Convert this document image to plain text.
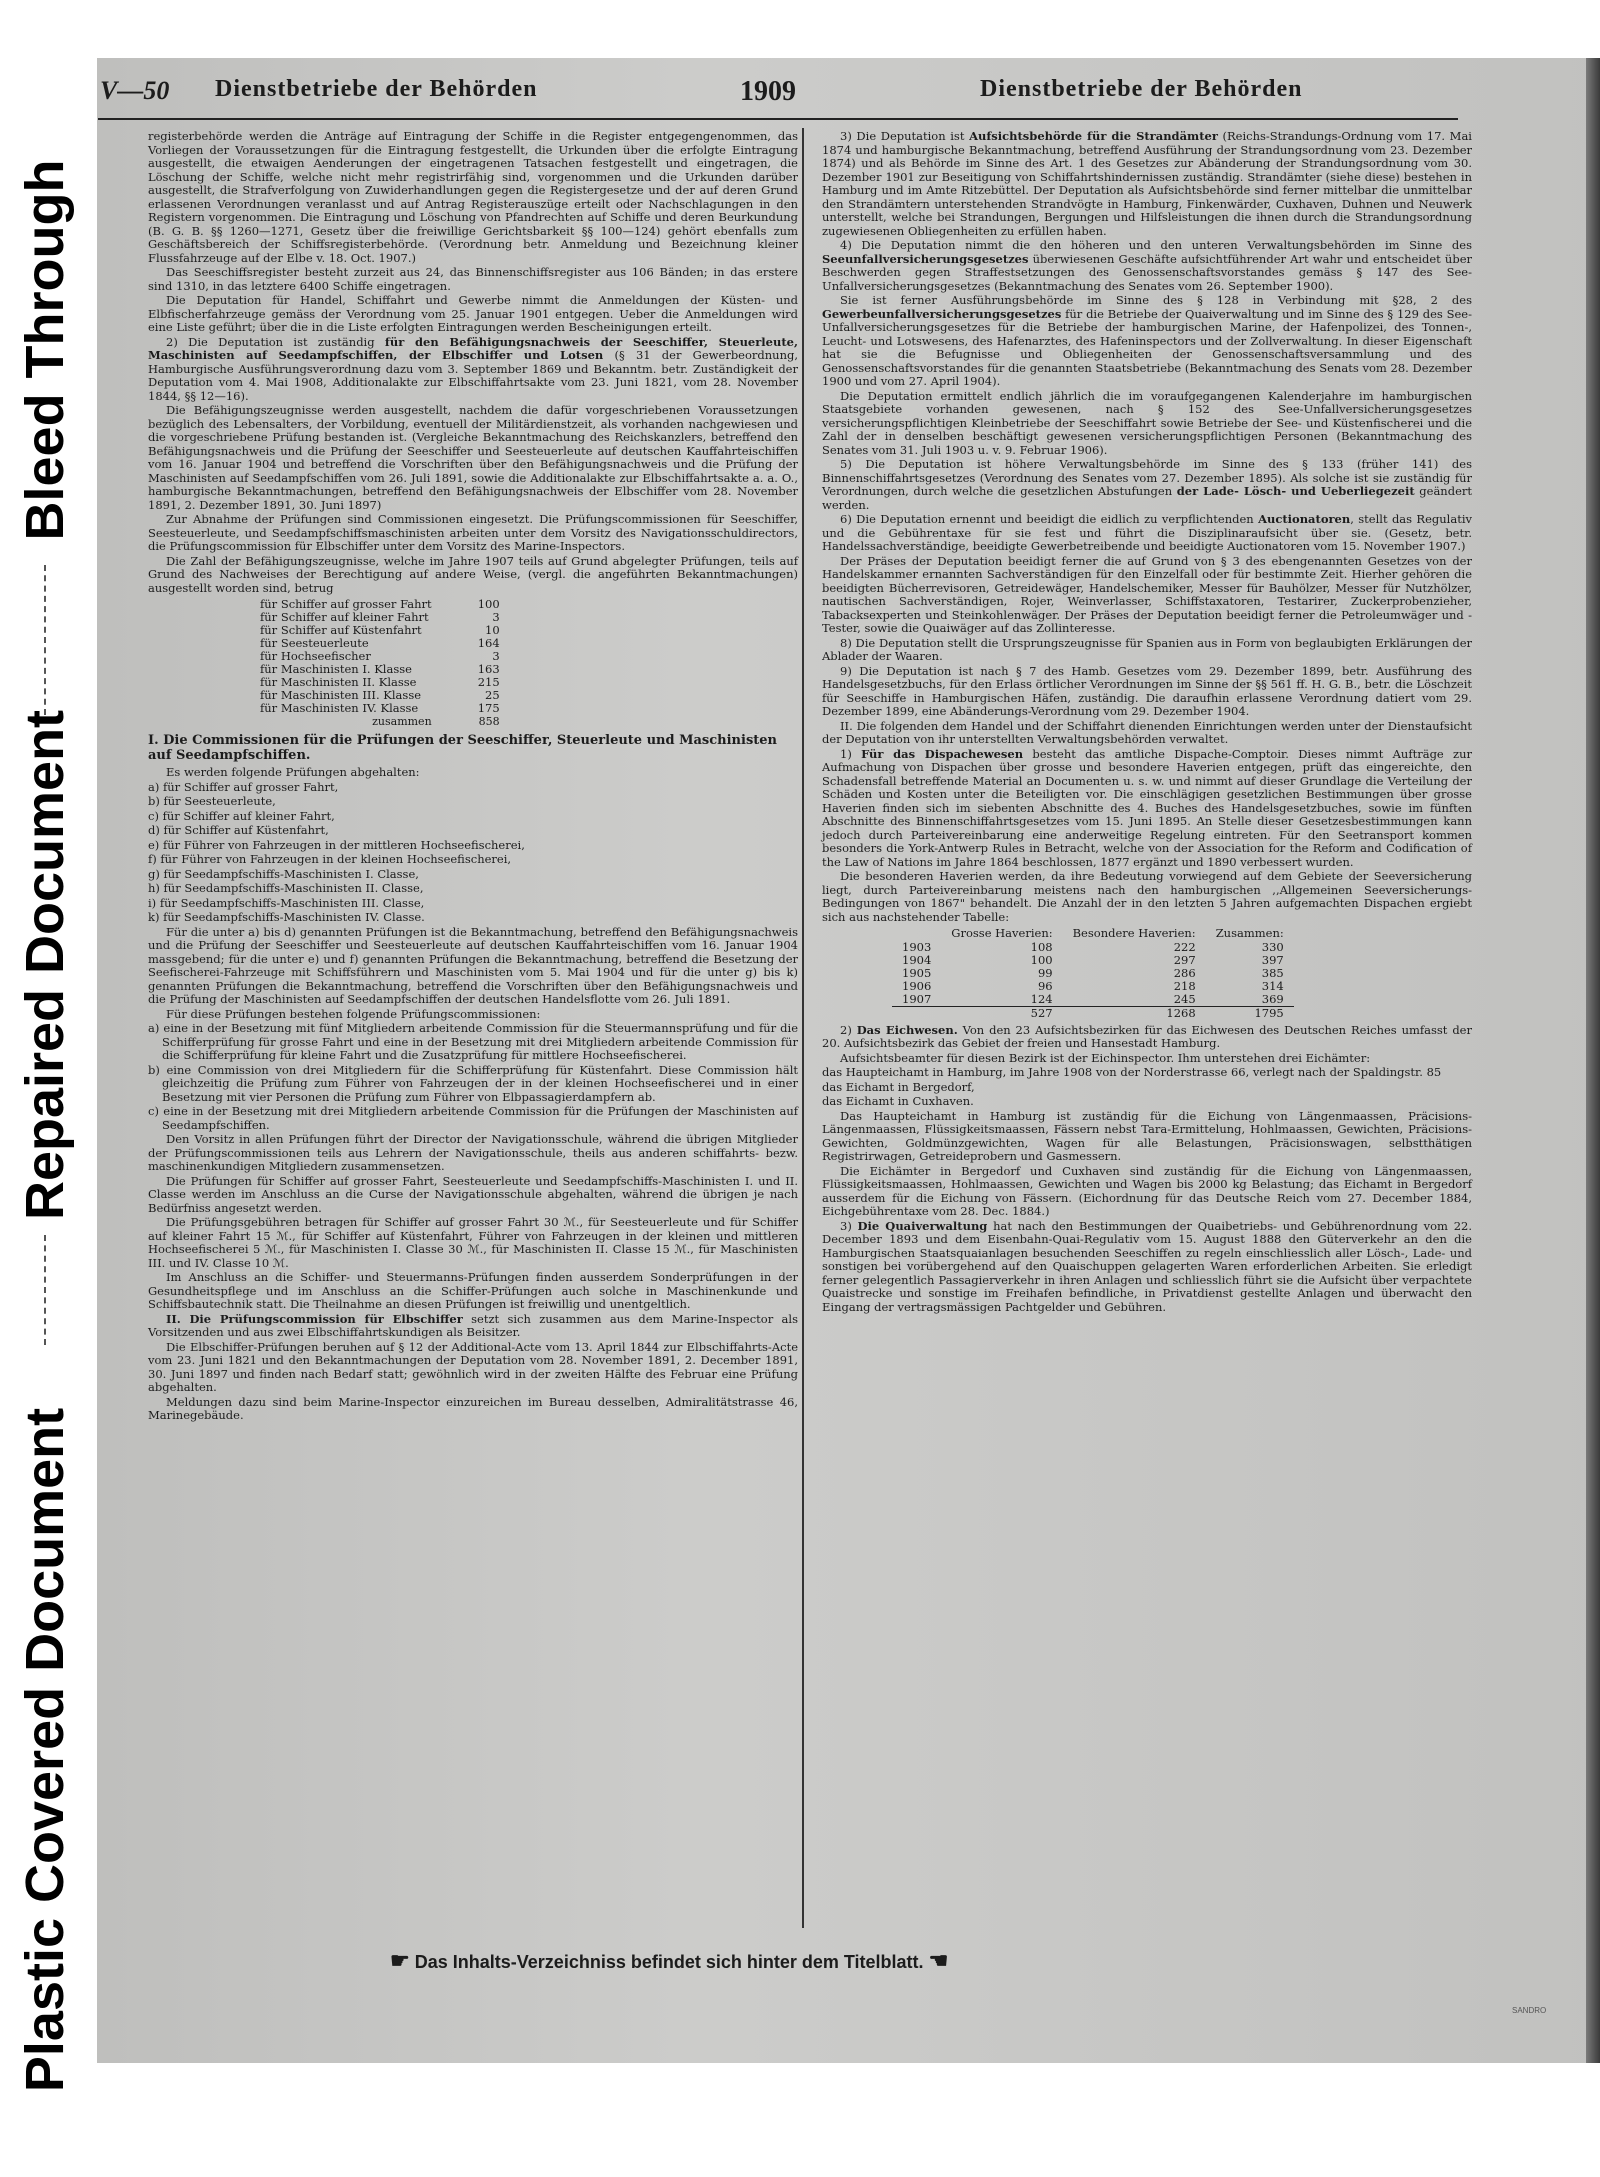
Bleed Through
Repaired Document
Plastic Covered Document
V—50 Dienstbetriebe der Behörden	1909	Dienstbetriebe der Behörden

registerbehörde werden die Anträge auf Eintragung der Schiffe in die Register entgegengenommen, das Vorliegen der Voraussetzungen für die Eintragung festgestellt, die Urkunden über die erfolgte Eintragung ausgestellt, die etwaigen Aenderungen der eingetragenen Tatsachen festgestellt und eingetragen, die Löschung der Schiffe, welche nicht mehr registrirfähig sind, vorgenommen und die Urkunden darüber ausgestellt, die Strafverfolgung von Zuwiderhandlungen gegen die Registergesetze und der auf deren Grund erlassenen Verordnungen veranlasst und auf Antrag Registerauszüge erteilt oder Nachschlagungen in den Registern vorgenommen. Die Eintragung und Löschung von Pfandrechten auf Schiffe und deren Beurkundung (B. G. B. §§ 1260—1271, Gesetz über die freiwillige Gerichtsbarkeit §§ 100—124) gehört ebenfalls zum Geschäftsbereich der Schiffsregisterbehörde. (Verordnung betr. Anmeldung und Bezeichnung kleiner Flussfahrzeuge auf der Elbe v. 18. Oct. 1907.)

Das Seeschiffsregister besteht zurzeit aus 24, das Binnenschiffsregister aus 106 Bänden; in das erstere sind 1310, in das letztere 6400 Schiffe eingetragen.

Die Deputation für Handel, Schiffahrt und Gewerbe nimmt die Anmeldungen der Küsten- und Elbfischerfahrzeuge gemäss der Verordnung vom 25. Januar 1901 entgegen. Ueber die Anmeldungen wird eine Liste geführt; über die in die Liste erfolgten Eintragungen werden Bescheinigungen erteilt.

2) Die Deputation ist zuständig für den Befähigungsnachweis der Seeschiffer, Steuerleute, Maschinisten auf Seedampfschiffen, der Elbschiffer und Lotsen (§ 31 der Gewerbeordnung, Hamburgische Ausführungsverordnung dazu vom 3. September 1869 und Bekanntm. betr. Zuständigkeit der Deputation vom 4. Mai 1908, Additionalakte zur Elbschiffahrtsakte vom 23. Juni 1821, vom 28. November 1844, §§ 12—16).

Die Befähigungszeugnisse werden ausgestellt, nachdem die dafür vorgeschriebenen Voraussetzungen bezüglich des Lebensalters, der Vorbildung, eventuell der Militärdienstzeit, als vorhanden nachgewiesen und die vorgeschriebene Prüfung bestanden ist. (Vergleiche Bekanntmachung des Reichskanzlers, betreffend den Befähigungsnachweis und die Prüfung der Seeschiffer und Seesteuerleute auf deutschen Kauffahrteischiffen vom 16. Januar 1904 und betreffend die Vorschriften über den Befähigungsnachweis und die Prüfung der Maschinisten auf Seedampfschiffen vom 26. Juli 1891, sowie die Additionalakte zur Elbschiffahrtsakte a. a. O., hamburgische Bekanntmachungen, betreffend den Befähigungsnachweis der Elbschiffer vom 28. November 1891, 2. Dezember 1891, 30. Juni 1897)

Zur Abnahme der Prüfungen sind Commissionen eingesetzt. Die Prüfungscommissionen für Seeschiffer, Seesteuerleute, und Seedampfschiffsmaschinisten arbeiten unter dem Vorsitz des Navigationsschuldirectors, die Prüfungscommission für Elbschiffer unter dem Vorsitz des Marine-Inspectors.

Die Zahl der Befähigungszeugnisse, welche im Jahre 1907 teils auf Grund abgelegter Prüfungen, teils auf Grund des Nachweises der Berechtigung auf andere Weise, (vergl. die angeführten Bekanntmachungen) ausgestellt worden sind, betrug

für Schiffer auf grosser Fahrt	100
für Schiffer auf kleiner Fahrt	3
für Schiffer auf Küstenfahrt	10
für Seesteuerleute	164
für Hochseefischer	3
für Maschinisten I. Klasse	163
für Maschinisten II. Klasse	215
für Maschinisten III. Klasse	25
für Maschinisten IV. Klasse	175
zusammen	858
I. Die Commissionen für die Prüfungen der Seeschiffer, Steuerleute und Maschinisten auf Seedampfschiffen.

Es werden folgende Prüfungen abgehalten:

a) für Schiffer auf grosser Fahrt,

b) für Seesteuerleute,

c) für Schiffer auf kleiner Fahrt,

d) für Schiffer auf Küstenfahrt,

e) für Führer von Fahrzeugen in der mittleren Hochseefischerei,

f) für Führer von Fahrzeugen in der kleinen Hochseefischerei,

g) für Seedampfschiffs-Maschinisten I. Classe,

h) für Seedampfschiffs-Maschinisten II. Classe,

i) für Seedampfschiffs-Maschinisten III. Classe,

k) für Seedampfschiffs-Maschinisten IV. Classe.

Für die unter a) bis d) genannten Prüfungen ist die Bekanntmachung, betreffend den Befähigungsnachweis und die Prüfung der Seeschiffer und Seesteuerleute auf deutschen Kauffahrteischiffen vom 16. Januar 1904 massgebend; für die unter e) und f) genannten Prüfungen die Bekanntmachung, betreffend die Besetzung der Seefischerei-Fahrzeuge mit Schiffsführern und Maschinisten vom 5. Mai 1904 und für die unter g) bis k) genannten Prüfungen die Bekanntmachung, betreffend die Vorschriften über den Befähigungsnachweis und die Prüfung der Maschinisten auf Seedampfschiffen der deutschen Handelsflotte vom 26. Juli 1891.

Für diese Prüfungen bestehen folgende Prüfungscommissionen:

a) eine in der Besetzung mit fünf Mitgliedern arbeitende Commission für die Steuermannsprüfung und für die Schifferprüfung für grosse Fahrt und eine in der Besetzung mit drei Mitgliedern arbeitende Commission für die Schifferprüfung für kleine Fahrt und die Zusatzprüfung für mittlere Hochseefischerei.

b) eine Commission von drei Mitgliedern für die Schifferprüfung für Küstenfahrt. Diese Commission hält gleichzeitig die Prüfung zum Führer von Fahrzeugen der in der kleinen Hochseefischerei und in einer Besetzung mit vier Personen die Prüfung zum Führer von Elbpassagierdampfern ab.

c) eine in der Besetzung mit drei Mitgliedern arbeitende Commission für die Prüfungen der Maschinisten auf Seedampfschiffen.

Den Vorsitz in allen Prüfungen führt der Director der Navigationsschule, während die übrigen Mitglieder der Prüfungscommissionen teils aus Lehrern der Navigationsschule, theils aus anderen schiffahrts- bezw. maschinenkundigen Mitgliedern zusammensetzen.

Die Prüfungen für Schiffer auf grosser Fahrt, Seesteuerleute und Seedampfschiffs-Maschinisten I. und II. Classe werden im Anschluss an die Curse der Navigationsschule abgehalten, während die übrigen je nach Bedürfniss angesetzt werden.

Die Prüfungsgebühren betragen für Schiffer auf grosser Fahrt 30 ℳ., für Seesteuerleute und für Schiffer auf kleiner Fahrt 15 ℳ., für Schiffer auf Küstenfahrt, Führer von Fahrzeugen in der kleinen und mittleren Hochseefischerei 5 ℳ., für Maschinisten I. Classe 30 ℳ., für Maschinisten II. Classe 15 ℳ., für Maschinisten III. und IV. Classe 10 ℳ.

Im Anschluss an die Schiffer- und Steuermanns-Prüfungen finden ausserdem Sonderprüfungen in der Gesundheitspflege und im Anschluss an die Schiffer-Prüfungen auch solche in Maschinenkunde und Schiffsbautechnik statt. Die Theilnahme an diesen Prüfungen ist freiwillig und unentgeltlich.

II. Die Prüfungscommission für Elbschiffer setzt sich zusammen aus dem Marine-Inspector als Vorsitzenden und aus zwei Elbschiffahrtskundigen als Beisitzer.

Die Elbschiffer-Prüfungen beruhen auf § 12 der Additional-Acte vom 13. April 1844 zur Elbschiffahrts-Acte vom 23. Juni 1821 und den Bekanntmachungen der Deputation vom 28. November 1891, 2. December 1891, 30. Juni 1897 und finden nach Bedarf statt; gewöhnlich wird in der zweiten Hälfte des Februar eine Prüfung abgehalten.

Meldungen dazu sind beim Marine-Inspector einzureichen im Bureau desselben, Admiralitätstrasse 46, Marinegebäude.

3) Die Deputation ist Aufsichtsbehörde für die Strandämter (Reichs-Strandungs-Ordnung vom 17. Mai 1874 und hamburgische Bekanntmachung, betreffend Ausführung der Strandungsordnung vom 23. Dezember 1874) und als Behörde im Sinne des Art. 1 des Gesetzes zur Abänderung der Strandungsordnung vom 30. Dezember 1901 zur Beseitigung von Schiffahrtshindernissen zuständig. Strandämter (siehe diese) bestehen in Hamburg und im Amte Ritzebüttel. Der Deputation als Aufsichtsbehörde sind ferner mittelbar die unmittelbar den Strandämtern unterstehenden Strandvögte in Hamburg, Finkenwärder, Cuxhaven, Duhnen und Neuwerk unterstellt, welche bei Strandungen, Bergungen und Hilfsleistungen die ihnen durch die Strandungsordnung zugewiesenen Obliegenheiten zu erfüllen haben.

4) Die Deputation nimmt die den höheren und den unteren Verwaltungsbehörden im Sinne des Seeunfallversicherungsgesetzes überwiesenen Geschäfte aufsichtführender Art wahr und entscheidet über Beschwerden gegen Straffestsetzungen des Genossenschaftsvorstandes gemäss § 147 des See-Unfallversicherungsgesetzes (Bekanntmachung des Senates vom 26. September 1900).

Sie ist ferner Ausführungsbehörde im Sinne des § 128 in Verbindung mit §28, 2 des Gewerbeunfallversicherungsgesetzes für die Betriebe der Quaiverwaltung und im Sinne des § 129 des See-Unfallversicherungsgesetzes für die Betriebe der hamburgischen Marine, der Hafenpolizei, des Tonnen-, Leucht- und Lotswesens, des Hafenarztes, des Hafeninspectors und der Zollverwaltung. In dieser Eigenschaft hat sie die Befugnisse und Obliegenheiten der Genossenschaftsversammlung und des Genossenschaftsvorstandes für die genannten Staatsbetriebe (Bekanntmachung des Senats vom 28. Dezember 1900 und vom 27. April 1904).

Die Deputation ermittelt endlich jährlich die im voraufgegangenen Kalenderjahre im hamburgischen Staatsgebiete vorhanden gewesenen, nach § 152 des See-Unfallversicherungsgesetzes versicherungspflichtigen Kleinbetriebe der Seeschiffahrt sowie Betriebe der See- und Küstenfischerei und die Zahl der in denselben beschäftigt gewesenen versicherungspflichtigen Personen (Bekanntmachung des Senates vom 31. Juli 1903 u. v. 9. Februar 1906).

5) Die Deputation ist höhere Verwaltungsbehörde im Sinne des § 133 (früher 141) des Binnenschiffahrtsgesetzes (Verordnung des Senates vom 27. Dezember 1895). Als solche ist sie zuständig für Verordnungen, durch welche die gesetzlichen Abstufungen der Lade- Lösch- und Ueberliegezeit geändert werden.

6) Die Deputation ernennt und beeidigt die eidlich zu verpflichtenden Auctionatoren, stellt das Regulativ und die Gebührentaxe für sie fest und führt die Disziplinaraufsicht über sie. (Gesetz, betr. Handelssachverständige, beeidigte Gewerbetreibende und beeidigte Auctionatoren vom 15. November 1907.)

Der Präses der Deputation beeidigt ferner die auf Grund von § 3 des ebengenannten Gesetzes von der Handelskammer ernannten Sachverständigen für den Einzelfall oder für bestimmte Zeit. Hierher gehören die beeidigten Bücherrevisoren, Getreidewäger, Handelschemiker, Messer für Bauhölzer, Messer für Nutzhölzer, nautischen Sachverständigen, Rojer, Weinverlasser, Schiffstaxatoren, Testarirer, Zuckerprobenzieher, Tabacksexperten und Steinkohlenwäger. Der Präses der Deputation beeidigt ferner die Petroleumwäger und -Tester, sowie die Quaiwäger auf das Zollinteresse.

8) Die Deputation stellt die Ursprungszeugnisse für Spanien aus in Form von beglaubigten Erklärungen der Ablader der Waaren.

9) Die Deputation ist nach § 7 des Hamb. Gesetzes vom 29. Dezember 1899, betr. Ausführung des Handelsgesetzbuchs, für den Erlass örtlicher Verordnungen im Sinne der §§ 561 ff. H. G. B., betr. die Löschzeit für Seeschiffe in Hamburgischen Häfen, zuständig. Die daraufhin erlassene Verordnung datiert vom 29. Dezember 1899, eine Abänderungs-Verordnung vom 29. Dezember 1904.

II. Die folgenden dem Handel und der Schiffahrt dienenden Einrichtungen werden unter der Dienstaufsicht der Deputation von ihr unterstellten Verwaltungsbehörden verwaltet.

1) Für das Dispachewesen besteht das amtliche Dispache-Comptoir. Dieses nimmt Aufträge zur Aufmachung von Dispachen über grosse und besondere Haverien entgegen, prüft das eingereichte, den Schadensfall betreffende Material an Documenten u. s. w. und nimmt auf dieser Grundlage die Verteilung der Schäden und Kosten unter die Beteiligten vor. Die einschlägigen gesetzlichen Bestimmungen über grosse Haverien finden sich im siebenten Abschnitte des 4. Buches des Handelsgesetzbuches, sowie im fünften Abschnitte des Binnenschiffahrtsgesetzes vom 15. Juni 1895. An Stelle dieser Gesetzesbestimmungen kann jedoch durch Parteivereinbarung eine anderweitige Regelung eintreten. Für den Seetransport kommen besonders die York-Antwerp Rules in Betracht, welche von der Association for the Reform and Codification of the Law of Nations im Jahre 1864 beschlossen, 1877 ergänzt und 1890 verbessert wurden.

Die besonderen Haverien werden, da ihre Bedeutung vorwiegend auf dem Gebiete der Seeversicherung liegt, durch Parteivereinbarung meistens nach den hamburgischen ,,Allgemeinen Seeversicherungs-Bedingungen von 1867" behandelt. Die Anzahl der in den letzten 5 Jahren aufgemachten Dispachen ergiebt sich aus nachstehender Tabelle:

	Grosse Haverien:	Besondere Haverien:	Zusammen:
1903	108	222	330
1904	100	297	397
1905	99	286	385
1906	96	218	314
1907	124	245	369
	527	1268	1795

2) Das Eichwesen. Von den 23 Aufsichtsbezirken für das Eichwesen des Deutschen Reiches umfasst der 20. Aufsichtsbezirk das Gebiet der freien und Hansestadt Hamburg.

Aufsichtsbeamter für diesen Bezirk ist der Eichinspector. Ihm unterstehen drei Eichämter:

das Haupteichamt in Hamburg, im Jahre 1908 von der Norderstrasse 66, verlegt nach der Spaldingstr. 85

das Eichamt in Bergedorf,

das Eichamt in Cuxhaven.

Das Haupteichamt in Hamburg ist zuständig für die Eichung von Längenmaassen, Präcisions-Längenmaassen, Flüssigkeitsmaassen, Fässern nebst Tara-Ermittelung, Hohlmaassen, Gewichten, Präcisions-Gewichten, Goldmünzgewichten, Wagen für alle Belastungen, Präcisionswagen, selbstthätigen Registrirwagen, Getreideprobern und Gasmessern.

Die Eichämter in Bergedorf und Cuxhaven sind zuständig für die Eichung von Längenmaassen, Flüssigkeitsmaassen, Hohlmaassen, Gewichten und Wagen bis 2000 kg Belastung; das Eichamt in Bergedorf ausserdem für die Eichung von Fässern. (Eichordnung für das Deutsche Reich vom 27. December 1884, Eichgebührentaxe vom 28. Dec. 1884.)

3) Die Quaiverwaltung hat nach den Bestimmungen der Quaibetriebs- und Gebührenordnung vom 22. December 1893 und dem Eisenbahn-Quai-Regulativ vom 15. August 1888 den Güterverkehr an den die Hamburgischen Staatsquaianlagen besuchenden Seeschiffen zu regeln einschliesslich aller Lösch-, Lade- und sonstigen bei vorübergehend auf den Quaischuppen gelagerten Waren erforderlichen Arbeiten. Sie erledigt ferner gelegentlich Passagierverkehr in ihren Anlagen und schliesslich führt sie die Aufsicht über verpachtete Quaistrecke und sonstige im Freihafen befindliche, in Privatdienst gestellte Anlagen und überwacht den Eingang der vertragsmässigen Pachtgelder und Gebühren.

☛ Das Inhalts-Verzeichniss befindet sich hinter dem Titelblatt. ☚
SANDRO
